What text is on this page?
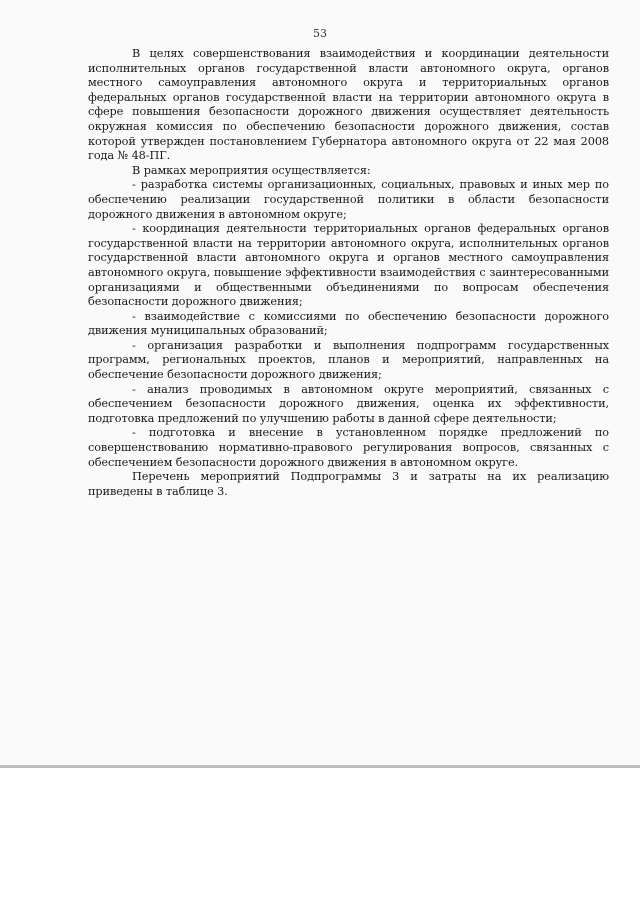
53

В целях совершенствования взаимодействия и координации деятельности исполнительных органов государственной власти автономного округа, органов местного самоуправления автономного округа и территориальных органов федеральных органов государственной власти на территории автономного округа в сфере повышения безопасности дорожного движения осуществляет деятельность окружная комиссия по обеспечению безопасности дорожного движения, состав которой утвержден постановлением Губернатора автономного округа от 22 мая 2008 года № 48-ПГ.

В рамках мероприятия осуществляется:

- разработка системы организационных, социальных, правовых и иных мер по обеспечению реализации государственной политики в области безопасности дорожного движения в автономном округе;

- координация деятельности территориальных органов федеральных органов государственной власти на территории автономного округа, исполнительных органов государственной власти автономного округа и органов местного самоуправления автономного округа, повышение эффективности взаимодействия с заинтересованными организациями и общественными объединениями по вопросам обеспечения безопасности дорожного движения;

- взаимодействие с комиссиями по обеспечению безопасности дорожного движения муниципальных образований;

- организация разработки и выполнения подпрограмм государственных программ, региональных проектов, планов и мероприятий, направленных на обеспечение безопасности дорожного движения;

- анализ проводимых в автономном округе мероприятий, связанных с обеспечением безопасности дорожного движения, оценка их эффективности, подготовка предложений по улучшению работы в данной сфере деятельности;

- подготовка и внесение в установленном порядке предложений по совершенствованию нормативно-правового регулирования вопросов, связанных с обеспечением безопасности дорожного движения в автономном округе.

Перечень мероприятий Подпрограммы 3 и затраты на их реализацию приведены в таблице 3.
